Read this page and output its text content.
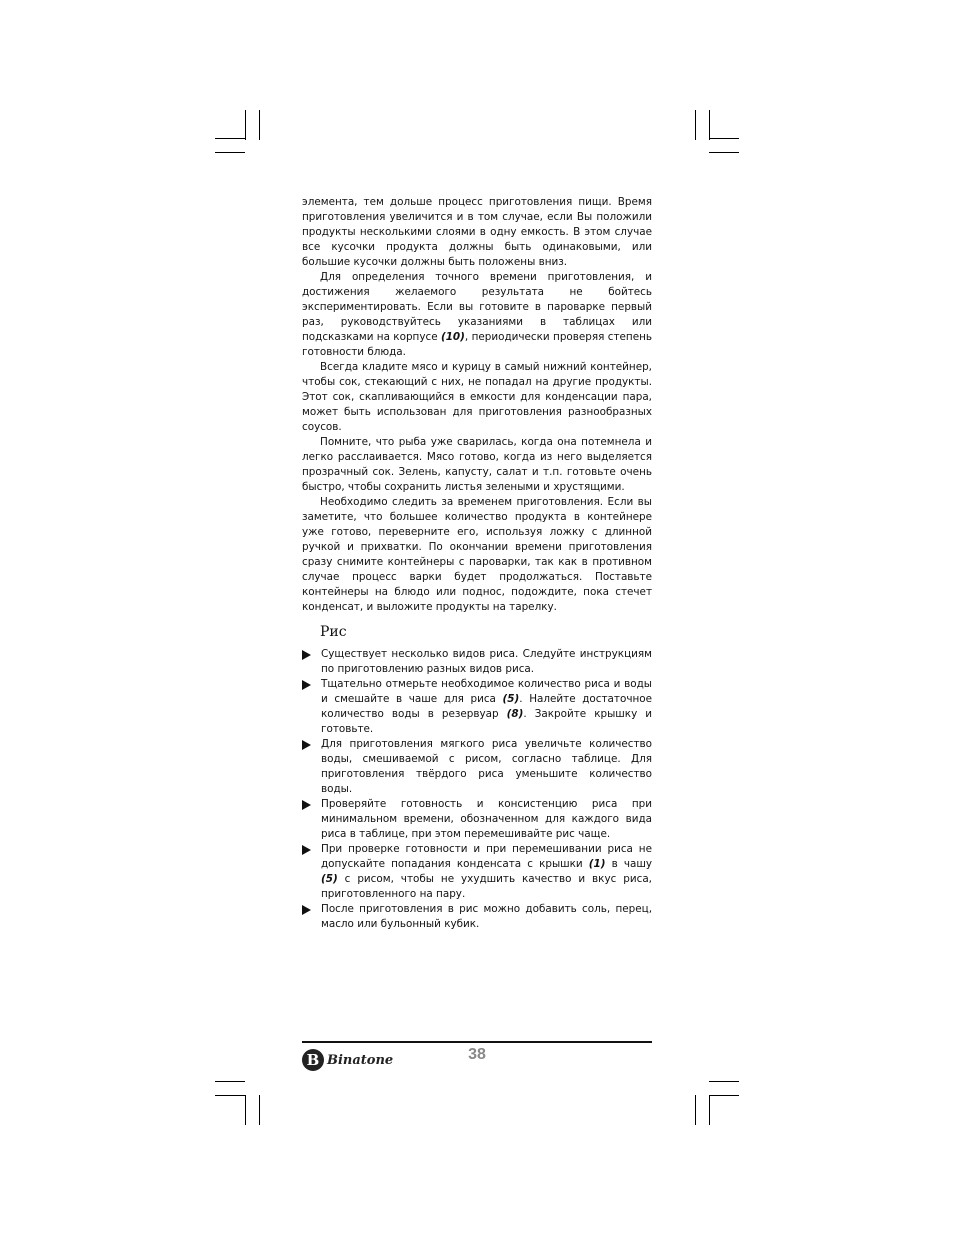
элемента, тем дольше процесс приготовления пищи. Время приготовления увеличится и в том случае, если Вы положили продукты несколькими слоями в одну емкость. В этом случае все кусочки продукта должны быть одинаковыми, или большие кусочки должны быть положены вниз.

Для определения точного времени приготовления, и достижения желаемого результата не бойтесь экспериментировать. Если вы готовите в пароварке первый раз, руководствуйтесь указаниями в таблицах или подсказками на корпусе (10), периодически проверяя степень готовности блюда.

Всегда кладите мясо и курицу в самый нижний контейнер, чтобы сок, стекающий с них, не попадал на другие продукты. Этот сок, скапливающийся в емкости для конденсации пара, может быть использован для приготовления разнообразных соусов.

Помните, что рыба уже сварилась, когда она потемнела и легко расслаивается. Мясо готово, когда из него выделяется прозрачный сок. Зелень, капусту, салат и т.п. готовьте очень быстро, чтобы сохранить листья зелеными и хрустящими.

Необходимо следить за временем приготовления. Если вы заметите, что большее количество продукта в контейнере уже готово, переверните его, используя ложку с длинной ручкой и прихватки. По окончании времени приготовления сразу снимите контейнеры с пароварки, так как в противном случае процесс варки будет продолжаться. Поставьте контейнеры на блюдо или поднос, подождите, пока стечет конденсат, и выложите продукты на тарелку.

Рис
Существует несколько видов риса. Следуйте инструкциям по приготовлению разных видов риса.
Тщательно отмерьте необходимое количество риса и воды и смешайте в чаше для риса (5). Налейте достаточное количество воды в резервуар (8). Закройте крышку и готовьте.
Для приготовления мягкого риса увеличьте количество воды, смешиваемой с рисом, согласно таблице. Для приготовления твёрдого риса уменьшите количество воды.
Проверяйте готовность и консистенцию риса при минимальном времени, обозначенном для каждого вида риса в таблице, при этом перемешивайте рис чаще.
При проверке готовности и при перемешивании риса не допускайте попадания конденсата с крышки (1) в чашу (5) с рисом, чтобы не ухудшить качество и вкус риса, приготовленного на пару.
После приготовления в рис можно добавить соль, перец, масло или бульонный кубик.
B Binatone	38
